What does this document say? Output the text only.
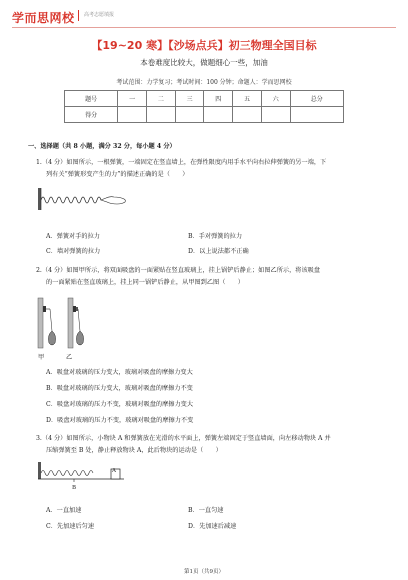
学而思网校 高考志愿填报
【19~20 寒】【沙场点兵】初三物理全国目标
本卷难度比较大，做题细心一些，加油
考试范围：力学复习；考试时间：100 分钟；命题人：学而思网校
题号	一	二	三	四	五	六	总分
得分							
一、选择题（共 8 小题，满分 32 分，每小题 4 分）
1.（4 分）如图所示，一根弹簧，一端固定在竖直墙上，在弹性限度内用手水平向右拉伸弹簧的另一端，下
列有关“弹簧形变产生的力”的描述正确的是（　　）
A．弹簧对手的拉力	B．手对弹簧的拉力
C．墙对弹簧的拉力	D．以上说法都不正确
2.（4 分）如图甲所示，将双面吸盘的一面紧贴在竖直玻璃上，挂上锅铲后静止；如图乙所示，将该吸盘
的一面紧贴在竖直玻璃上，挂上同一锅铲后静止，从甲图到乙图（　　）
甲	乙
A．吸盘对玻璃的压力变大，玻璃对吸盘的摩擦力变大
B．吸盘对玻璃的压力变大，玻璃对吸盘的摩擦力不变
C．吸盘对玻璃的压力不变，玻璃对吸盘的摩擦力变大
D．吸盘对玻璃的压力不变，玻璃对吸盘的摩擦力不变
3.（4 分）如图所示，小物块 A 和弹簧放在光滑的水平面上，弹簧左端固定于竖直墙面，向左移动物块 A 并
压缩弹簧至 B 处，静止释放物块 A，此后物块的运动是（　　）
A
B
A．一直加速	B．一直匀速
C．先加速后匀速	D．先加速后减速
第1页（共9页）
